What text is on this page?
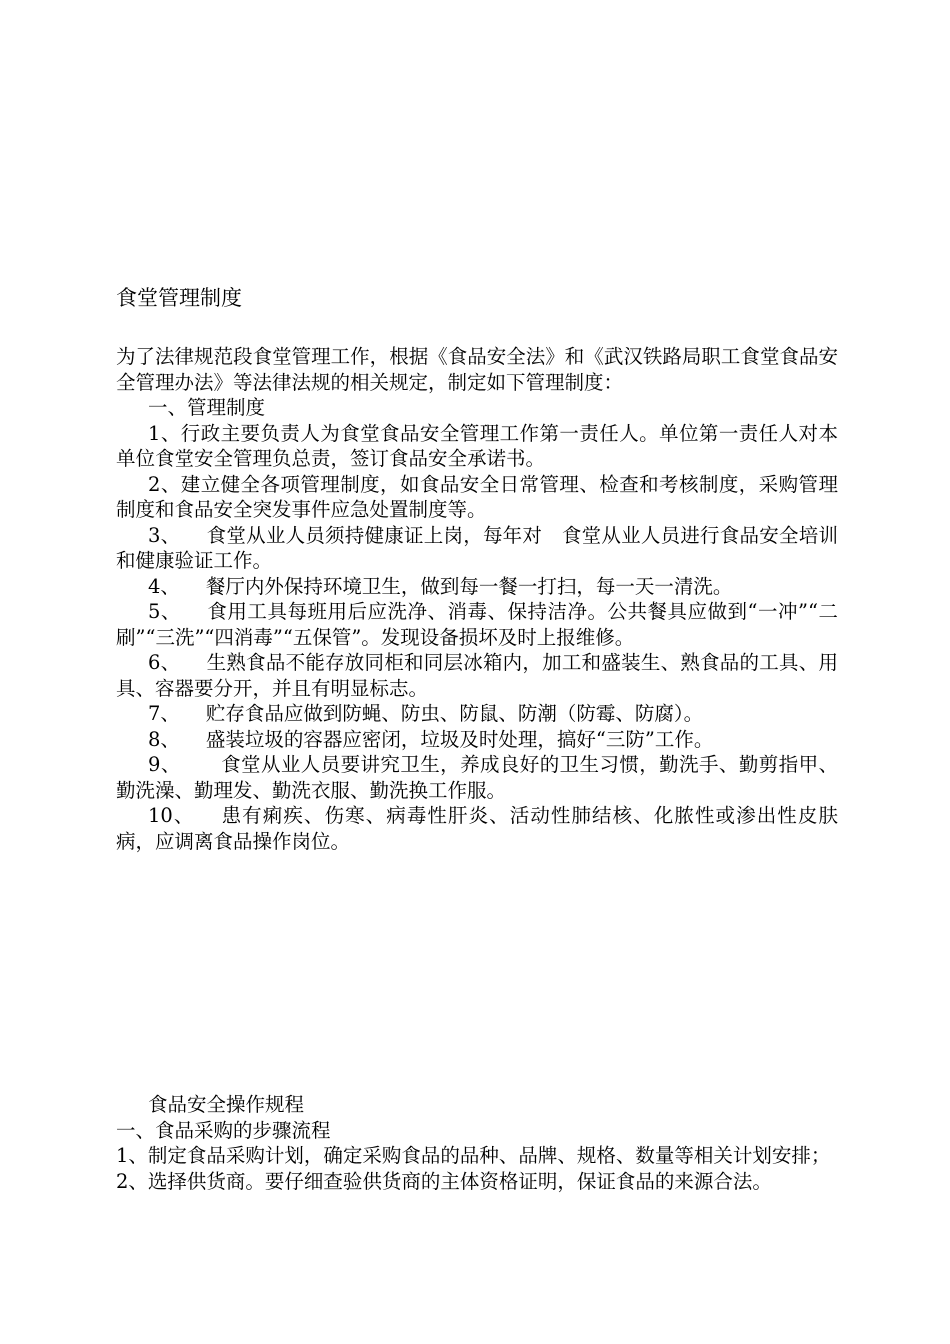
食堂管理制度

为了法律规范段食堂管理工作，根据《食品安全法》和《武汉铁路局职工食堂食品安全管理办法》等法律法规的相关规定，制定如下管理制度：

一、管理制度

1、行政主要负责人为食堂食品安全管理工作第一责任人。单位第一责任人对本单位食堂安全管理负总责，签订食品安全承诺书。

2、建立健全各项管理制度，如食品安全日常管理、检查和考核制度，采购管理制度和食品安全突发事件应急处置制度等。

3、 食堂从业人员须持健康证上岗，每年对　食堂从业人员进行食品安全培训和健康验证工作。

4、 餐厅内外保持环境卫生，做到每一餐一打扫，每一天一清洗。

5、 食用工具每班用后应洗净、消毒、保持洁净。公共餐具应做到“一冲”“二刷”“三洗”“四消毒”“五保管”。发现设备损坏及时上报维修。

6、 生熟食品不能存放同柜和同层冰箱内，加工和盛装生、熟食品的工具、用具、容器要分开，并且有明显标志。

7、 贮存食品应做到防蝇、防虫、防鼠、防潮（防霉、防腐）。

8、 盛装垃圾的容器应密闭，垃圾及时处理，搞好“三防”工作。

9、 食堂从业人员要讲究卫生，养成良好的卫生习惯，勤洗手、勤剪指甲、勤洗澡、勤理发、勤洗衣服、勤洗换工作服。

10、 患有痢疾、伤寒、病毒性肝炎、活动性肺结核、化脓性或渗出性皮肤病，应调离食品操作岗位。

食品安全操作规程

一、食品采购的步骤流程

1、制定食品采购计划，确定采购食品的品种、品牌、规格、数量等相关计划安排；

2、选择供货商。要仔细查验供货商的主体资格证明，保证食品的来源合法。
